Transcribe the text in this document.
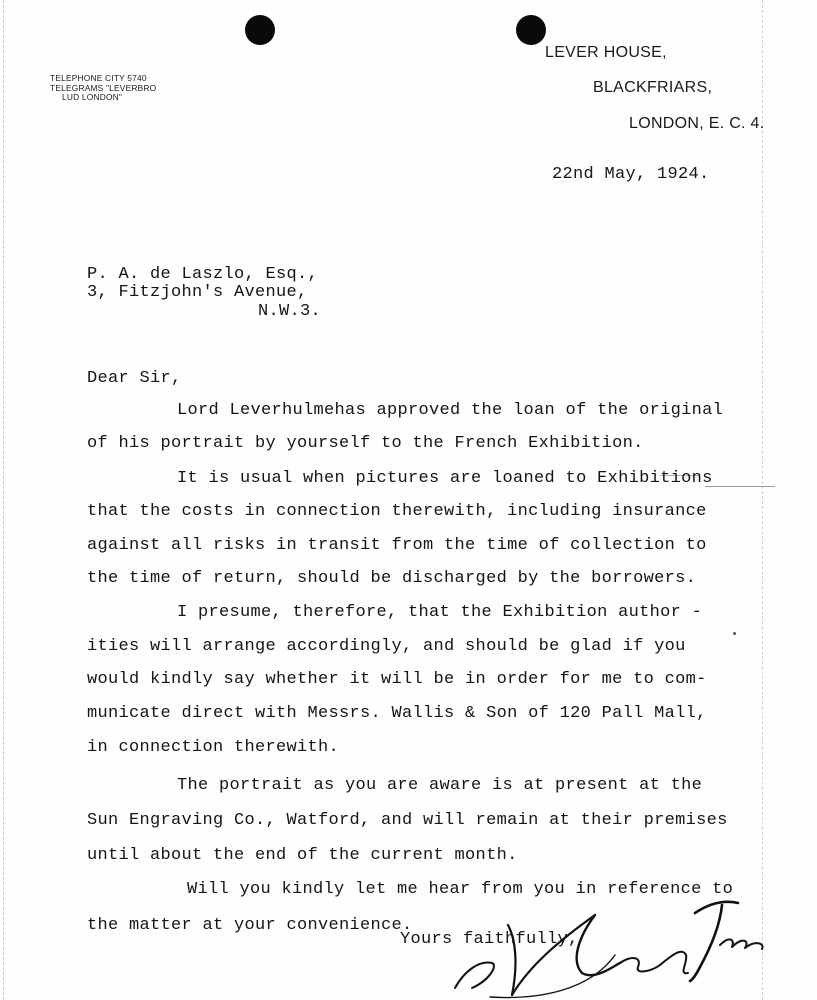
TELEPHONE CITY 5740
TELEGRAMS "LEVERBRO
LUD LONDON"
LEVER HOUSE,
BLACKFRIARS,
LONDON, E. C. 4.
22nd May, 1924.
P. A. de Laszlo, Esq.,
3, Fitzjohn's Avenue,
N.W.3.
Dear Sir,
Lord Leverhulmehas approved the loan of the original
of his portrait by yourself to the French Exhibition.
It is usual when pictures are loaned to Exhibitions
that the costs in connection therewith, including insurance
against all risks in transit from the time of collection to
the time of return, should be discharged by the borrowers.
I presume, therefore, that the Exhibition author -
ities will arrange accordingly, and should be glad if you
would kindly say whether it will be in order for me to com-
municate direct with Messrs. Wallis & Son of 120 Pall Mall,
in connection therewith.
The portrait as you are aware is at present at the
Sun Engraving Co., Watford, and will remain at their premises
until about the end of the current month.
Will you kindly let me hear from you in reference to
the matter at your convenience.
Yours faithfully,
